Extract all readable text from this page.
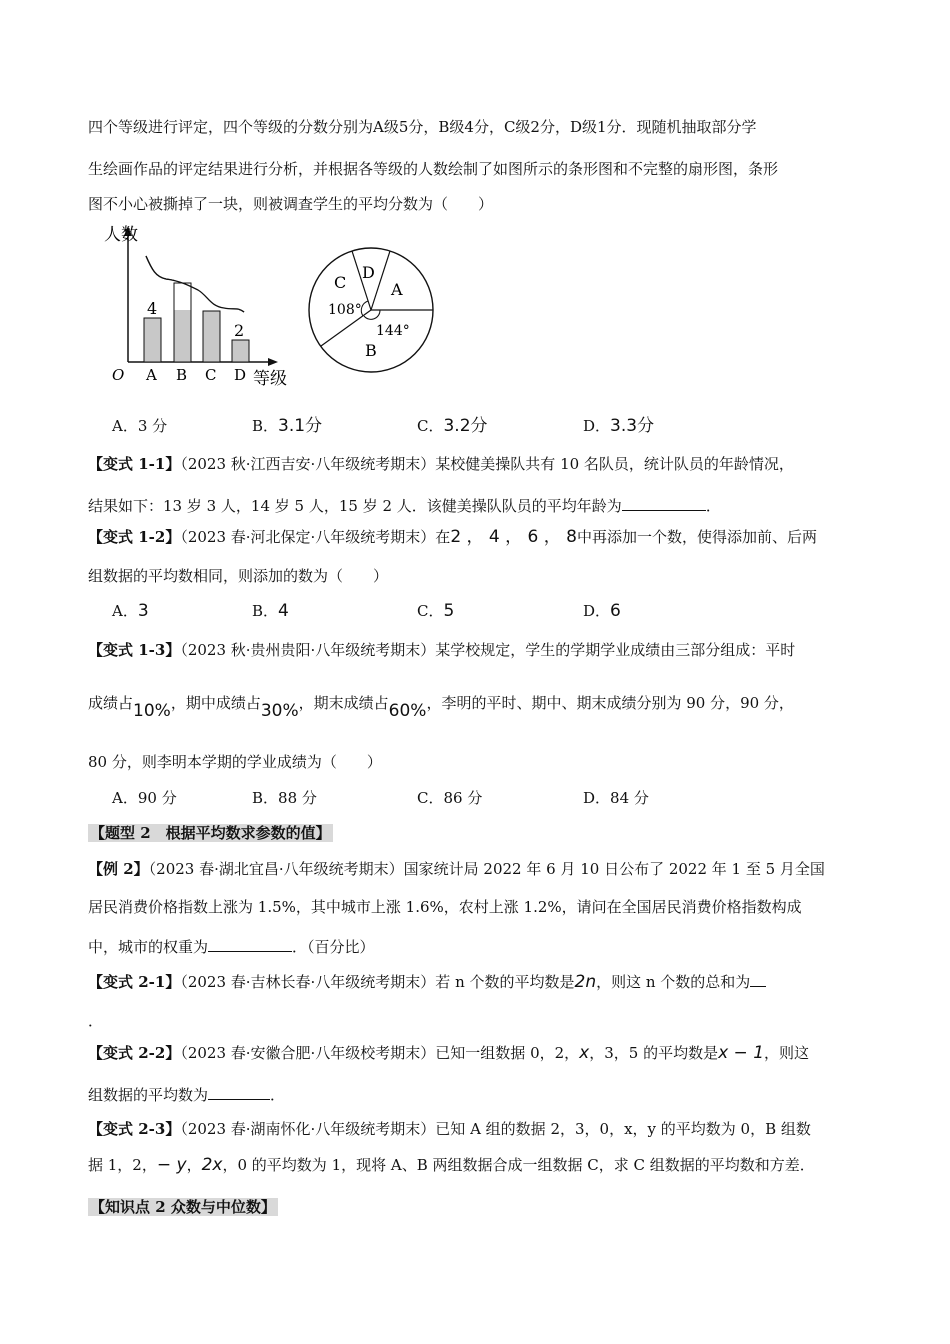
四个等级进行评定，四个等级的分数分别为A级5分，B级4分，C级2分，D级1分．现随机抽取部分学
生绘画作品的评定结果进行分析，并根据各等级的人数绘制了如图所示的条形图和不完整的扇形图，条形
图不小心被撕掉了一块，则被调查学生的平均分数为（　　）
人数
O	等级
4
2
A B C D
C
D
A
B
108°
144°
A．3 分	B．3.1分	C．3.2分	D．3.3分
【变式 1-1】（2023 秋·江西吉安·八年级统考期末）某校健美操队共有 10 名队员，统计队员的年龄情况，
结果如下：13 岁 3 人，14 岁 5 人，15 岁 2 人．该健美操队队员的平均年龄为	．
【变式 1-2】（2023 春·河北保定·八年级统考期末）在2 ， 4 ， 6 ， 8中再添加一个数，使得添加前、后两
组数据的平均数相同，则添加的数为（　　）
A．3	B．4	C．5	D．6
【变式 1-3】（2023 秋·贵州贵阳·八年级统考期末）某学校规定，学生的学期学业成绩由三部分组成：平时
成绩占10%，期中成绩占30%，期末成绩占60%，李明的平时、期中、期末成绩分别为 90 分，90 分，
80 分，则李明本学期的学业成绩为（　　）
A．90 分	B．88 分	C．86 分	D．84 分
【题型 2　根据平均数求参数的值】
【例 2】（2023 春·湖北宜昌·八年级统考期末）国家统计局 2022 年 6 月 10 日公布了 2022 年 1 至 5 月全国
居民消费价格指数上涨为 1.5%，其中城市上涨 1.6%，农村上涨 1.2%，请问在全国居民消费价格指数构成
中，城市的权重为	．（百分比）
【变式 2-1】（2023 春·吉林长春·八年级统考期末）若 n 个数的平均数是2n，则这 n 个数的总和为
．
【变式 2-2】（2023 春·安徽合肥·八年级校考期末）已知一组数据 0，2，x，3，5 的平均数是x − 1，则这
组数据的平均数为	．
【变式 2-3】（2023 春·湖南怀化·八年级统考期末）已知 A 组的数据 2，3，0，x，y 的平均数为 0，B 组数
据 1，2，− y，2x，0 的平均数为 1，现将 A、B 两组数据合成一组数据 C，求 C 组数据的平均数和方差．
【知识点 2 众数与中位数】
